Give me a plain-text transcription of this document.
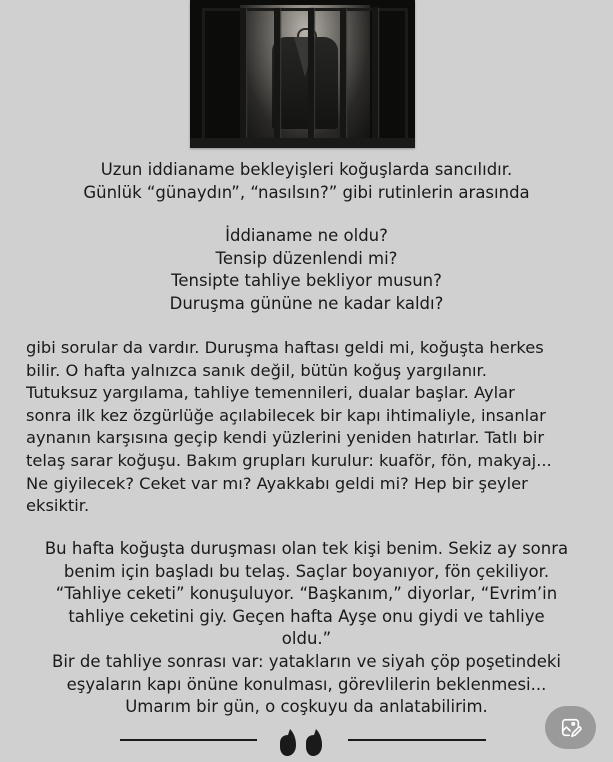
Uzun iddianame bekleyişleri koğuşlarda sancılıdır.

Günlük “günaydın”, “nasılsın?” gibi rutinlerin arasında

İddianame ne oldu?

Tensip düzenlendi mi?

Tensipte tahliye bekliyor musun?

Duruşma gününe ne kadar kaldı?

gibi sorular da vardır. Duruşma haftası geldi mi, koğuşta herkes

bilir. O hafta yalnızca sanık değil, bütün koğuş yargılanır.

Tutuksuz yargılama, tahliye temennileri, dualar başlar. Aylar

sonra ilk kez özgürlüğe açılabilecek bir kapı ihtimaliyle, insanlar

aynanın karşısına geçip kendi yüzlerini yeniden hatırlar. Tatlı bir

telaş sarar koğuşu. Bakım grupları kurulur: kuaför, fön, makyaj...

Ne giyilecek? Ceket var mı? Ayakkabı geldi mi? Hep bir şeyler

eksiktir.

Bu hafta koğuşta duruşması olan tek kişi benim. Sekiz ay sonra

benim için başladı bu telaş. Saçlar boyanıyor, fön çekiliyor.

“Tahliye ceketi” konuşuluyor. “Başkanım,” diyorlar, “Evrim’in

tahliye ceketini giy. Geçen hafta Ayşe onu giydi ve tahliye

oldu.”

Bir de tahliye sonrası var: yatakların ve siyah çöp poşetindeki

eşyaların kapı önüne konulması, görevlilerin beklenmesi...

Umarım bir gün, o coşkuyu da anlatabilirim.
